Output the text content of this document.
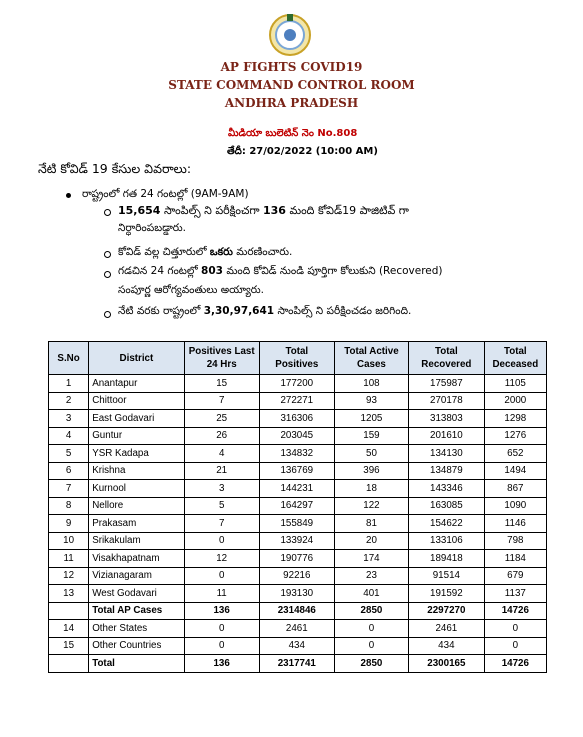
AP FIGHTS COVID19
STATE COMMAND CONTROL ROOM
ANDHRA PRADESH
మీడియా బులెటిన్ నెం No.808
తేదీ: 27/02/2022 (10:00 AM)
నేటి కోవిడ్ 19 కేసుల వివరాలు:
రాష్ట్రంలో గత 24 గంటల్లో (9AM-9AM)
15,654 సాంపిల్స్ ని పరీక్షించగా 136 మంది కోవిడ్19 పాజిటివ్ గా
నిర్ధారింపబడ్డారు.
కోవిడ్ వల్ల చిత్తూరులో ఒకరు మరణించారు.
గడచిన 24 గంటల్లో 803 మంది కోవిడ్ నుండి పూర్తిగా కోలుకుని (Recovered)
సంపూర్ణ ఆరోగ్యవంతులు అయ్యారు.
నేటి వరకు రాష్ట్రంలో 3,30,97,641 సాంపిల్స్ ని పరీక్షించడం జరిగింది.
S.No	District	Positives Last 24 Hrs	Total Positives	Total Active Cases	Total Recovered	Total Deceased
1	Anantapur	15	177200	108	175987	1105
2	Chittoor	7	272271	93	270178	2000
3	East Godavari	25	316306	1205	313803	1298
4	Guntur	26	203045	159	201610	1276
5	YSR Kadapa	4	134832	50	134130	652
6	Krishna	21	136769	396	134879	1494
7	Kurnool	3	144231	18	143346	867
8	Nellore	5	164297	122	163085	1090
9	Prakasam	7	155849	81	154622	1146
10	Srikakulam	0	133924	20	133106	798
11	Visakhapatnam	12	190776	174	189418	1184
12	Vizianagaram	0	92216	23	91514	679
13	West Godavari	11	193130	401	191592	1137
	Total AP Cases	136	2314846	2850	2297270	14726
14	Other States	0	2461	0	2461	0
15	Other Countries	0	434	0	434	0
	Total	136	2317741	2850	2300165	14726
